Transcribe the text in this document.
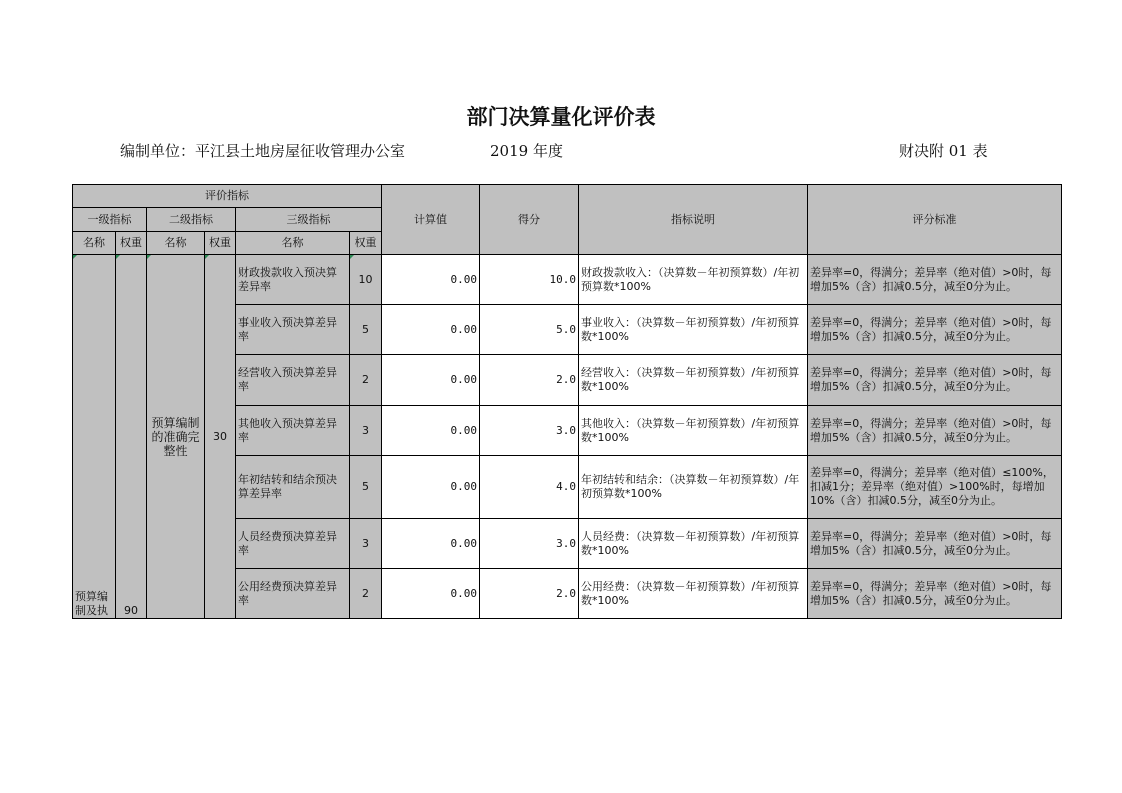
部门决算量化评价表
编制单位：平江县土地房屋征收管理办公室	2019 年度	财决附 01 表
评价指标						计算值	得分	指标说明	评分标准
一级指标		二级指标		三级指标					
名称	权重	名称	权重	名称	权重				
预算编制及执	90	预算编制的准确完整性	30	财政拨款收入预决算差异率	10	0.00	10.0	财政拨款收入：（决算数－年初预算数）/年初预算数*100%	差异率=0，得满分；差异率（绝对值）>0时，每增加5%（含）扣减0.5分，减至0分为止。
				事业收入预决算差异率	5	0.00	5.0	事业收入：（决算数－年初预算数）/年初预算数*100%	差异率=0，得满分；差异率（绝对值）>0时，每增加5%（含）扣减0.5分，减至0分为止。
				经营收入预决算差异率	2	0.00	2.0	经营收入：（决算数－年初预算数）/年初预算数*100%	差异率=0，得满分；差异率（绝对值）>0时，每增加5%（含）扣减0.5分，减至0分为止。
				其他收入预决算差异率	3	0.00	3.0	其他收入：（决算数－年初预算数）/年初预算数*100%	差异率=0，得满分；差异率（绝对值）>0时，每增加5%（含）扣减0.5分，减至0分为止。
				年初结转和结余预决算差异率	5	0.00	4.0	年初结转和结余：（决算数－年初预算数）/年初预算数*100%	差异率=0，得满分；差异率（绝对值）≤100%，扣减1分；差异率（绝对值）>100%时，每增加10%（含）扣减0.5分，减至0分为止。
				人员经费预决算差异率	3	0.00	3.0	人员经费：（决算数－年初预算数）/年初预算数*100%	差异率=0，得满分；差异率（绝对值）>0时，每增加5%（含）扣减0.5分，减至0分为止。
				公用经费预决算差异率	2	0.00	2.0	公用经费：（决算数－年初预算数）/年初预算数*100%	差异率=0，得满分；差异率（绝对值）>0时，每增加5%（含）扣减0.5分，减至0分为止。
